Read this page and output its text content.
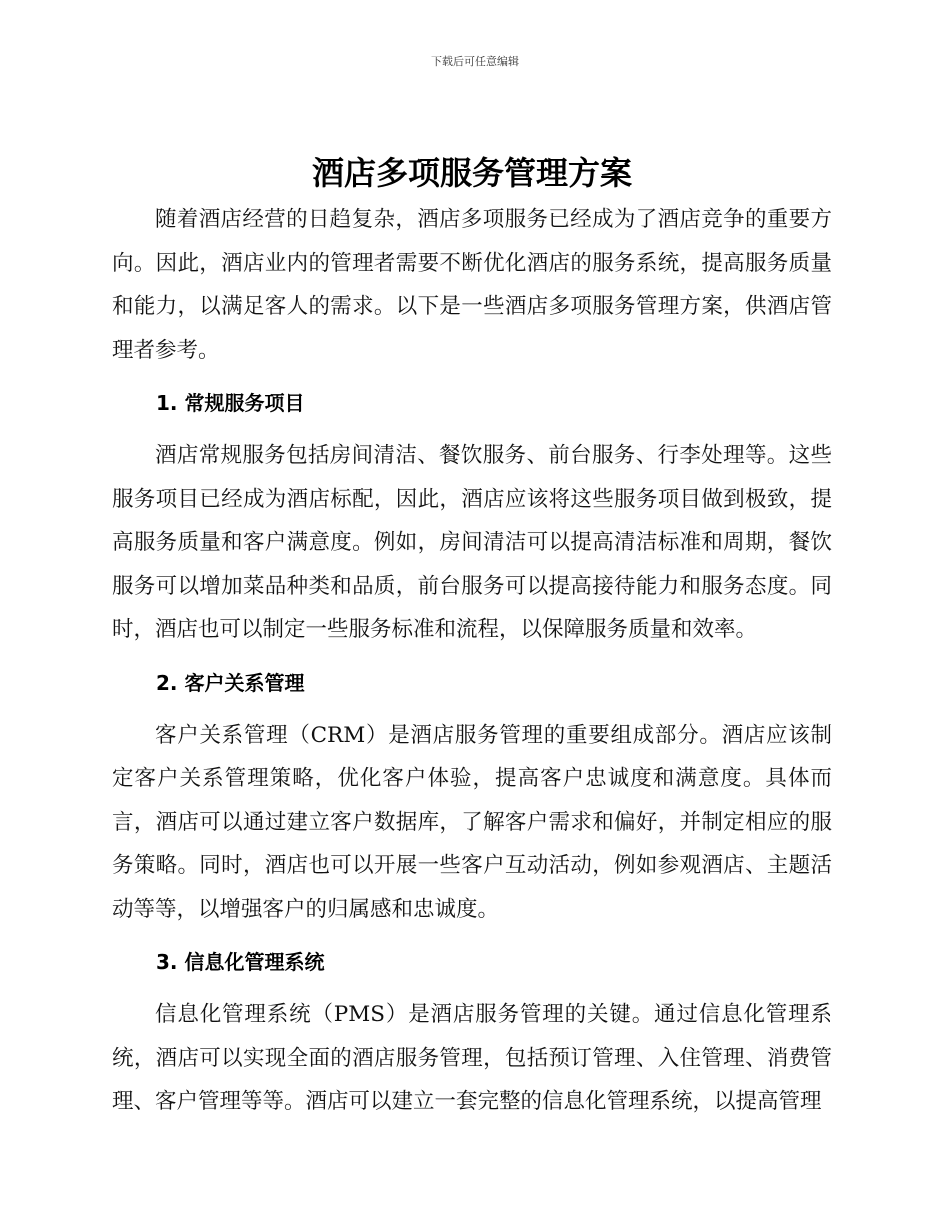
下载后可任意编辑
酒店多项服务管理方案

随着酒店经营的日趋复杂，酒店多项服务已经成为了酒店竞争的重要方向。因此，酒店业内的管理者需要不断优化酒店的服务系统，提高服务质量和能力，以满足客人的需求。以下是一些酒店多项服务管理方案，供酒店管理者参考。

1. 常规服务项目

酒店常规服务包括房间清洁、餐饮服务、前台服务、行李处理等。这些服务项目已经成为酒店标配，因此，酒店应该将这些服务项目做到极致，提高服务质量和客户满意度。例如，房间清洁可以提高清洁标准和周期，餐饮服务可以增加菜品种类和品质，前台服务可以提高接待能力和服务态度。同时，酒店也可以制定一些服务标准和流程，以保障服务质量和效率。

2. 客户关系管理

客户关系管理（CRM）是酒店服务管理的重要组成部分。酒店应该制定客户关系管理策略，优化客户体验，提高客户忠诚度和满意度。具体而言，酒店可以通过建立客户数据库，了解客户需求和偏好，并制定相应的服务策略。同时，酒店也可以开展一些客户互动活动，例如参观酒店、主题活动等等，以增强客户的归属感和忠诚度。

3. 信息化管理系统

信息化管理系统（PMS）是酒店服务管理的关键。通过信息化管理系统，酒店可以实现全面的酒店服务管理，包括预订管理、入住管理、消费管理、客户管理等等。酒店可以建立一套完整的信息化管理系统，以提高管理
